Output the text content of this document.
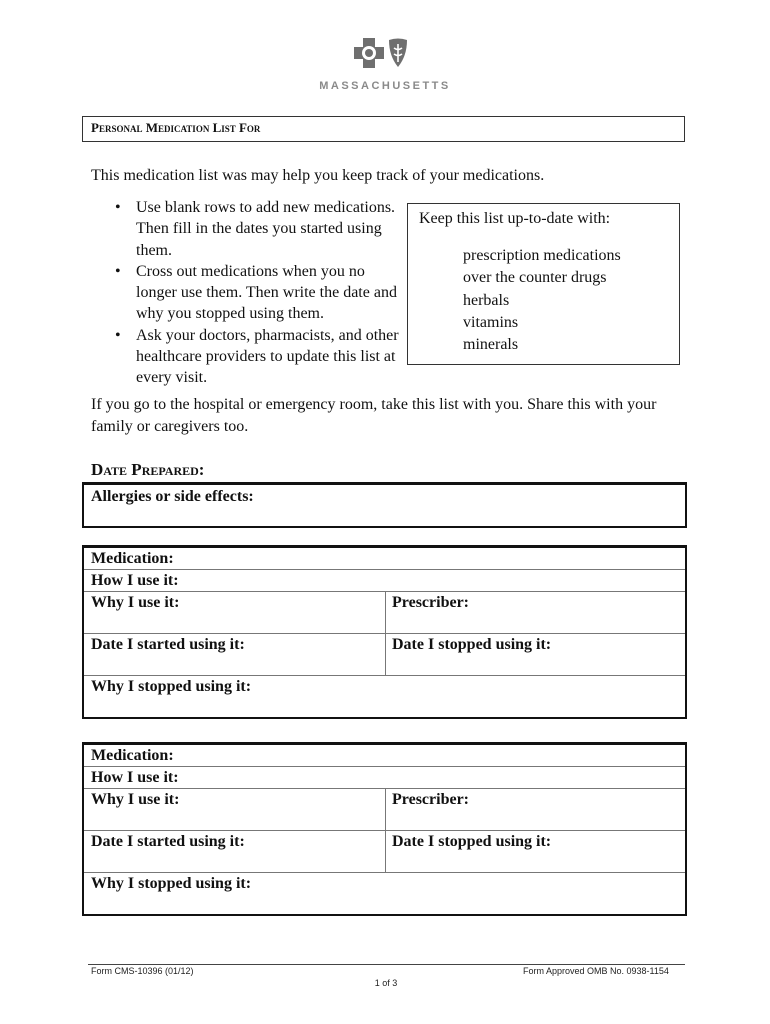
MASSACHUSETTS
Personal Medication List For
This medication list was may help you keep track of your medications.
• Use blank rows to add new medications. Then fill in the dates you started using them.
• Cross out medications when you no longer use them. Then write the date and why you stopped using them.
• Ask your doctors, pharmacists, and other healthcare providers to update this list at every visit.
Keep this list up-to-date with:
prescription medications
over the counter drugs
herbals
vitamins
minerals
If you go to the hospital or emergency room, take this list with you. Share this with your family or caregivers too.
Date Prepared:
Allergies or side effects:
Medication:
How I use it:
Why I use it:	Prescriber:
Date I started using it:	Date I stopped using it:
Why I stopped using it:
Medication:
How I use it:
Why I use it:	Prescriber:
Date I started using it:	Date I stopped using it:
Why I stopped using it:
Form CMS-10396 (01/12)	Form Approved OMB No. 0938-1154
1 of 3
